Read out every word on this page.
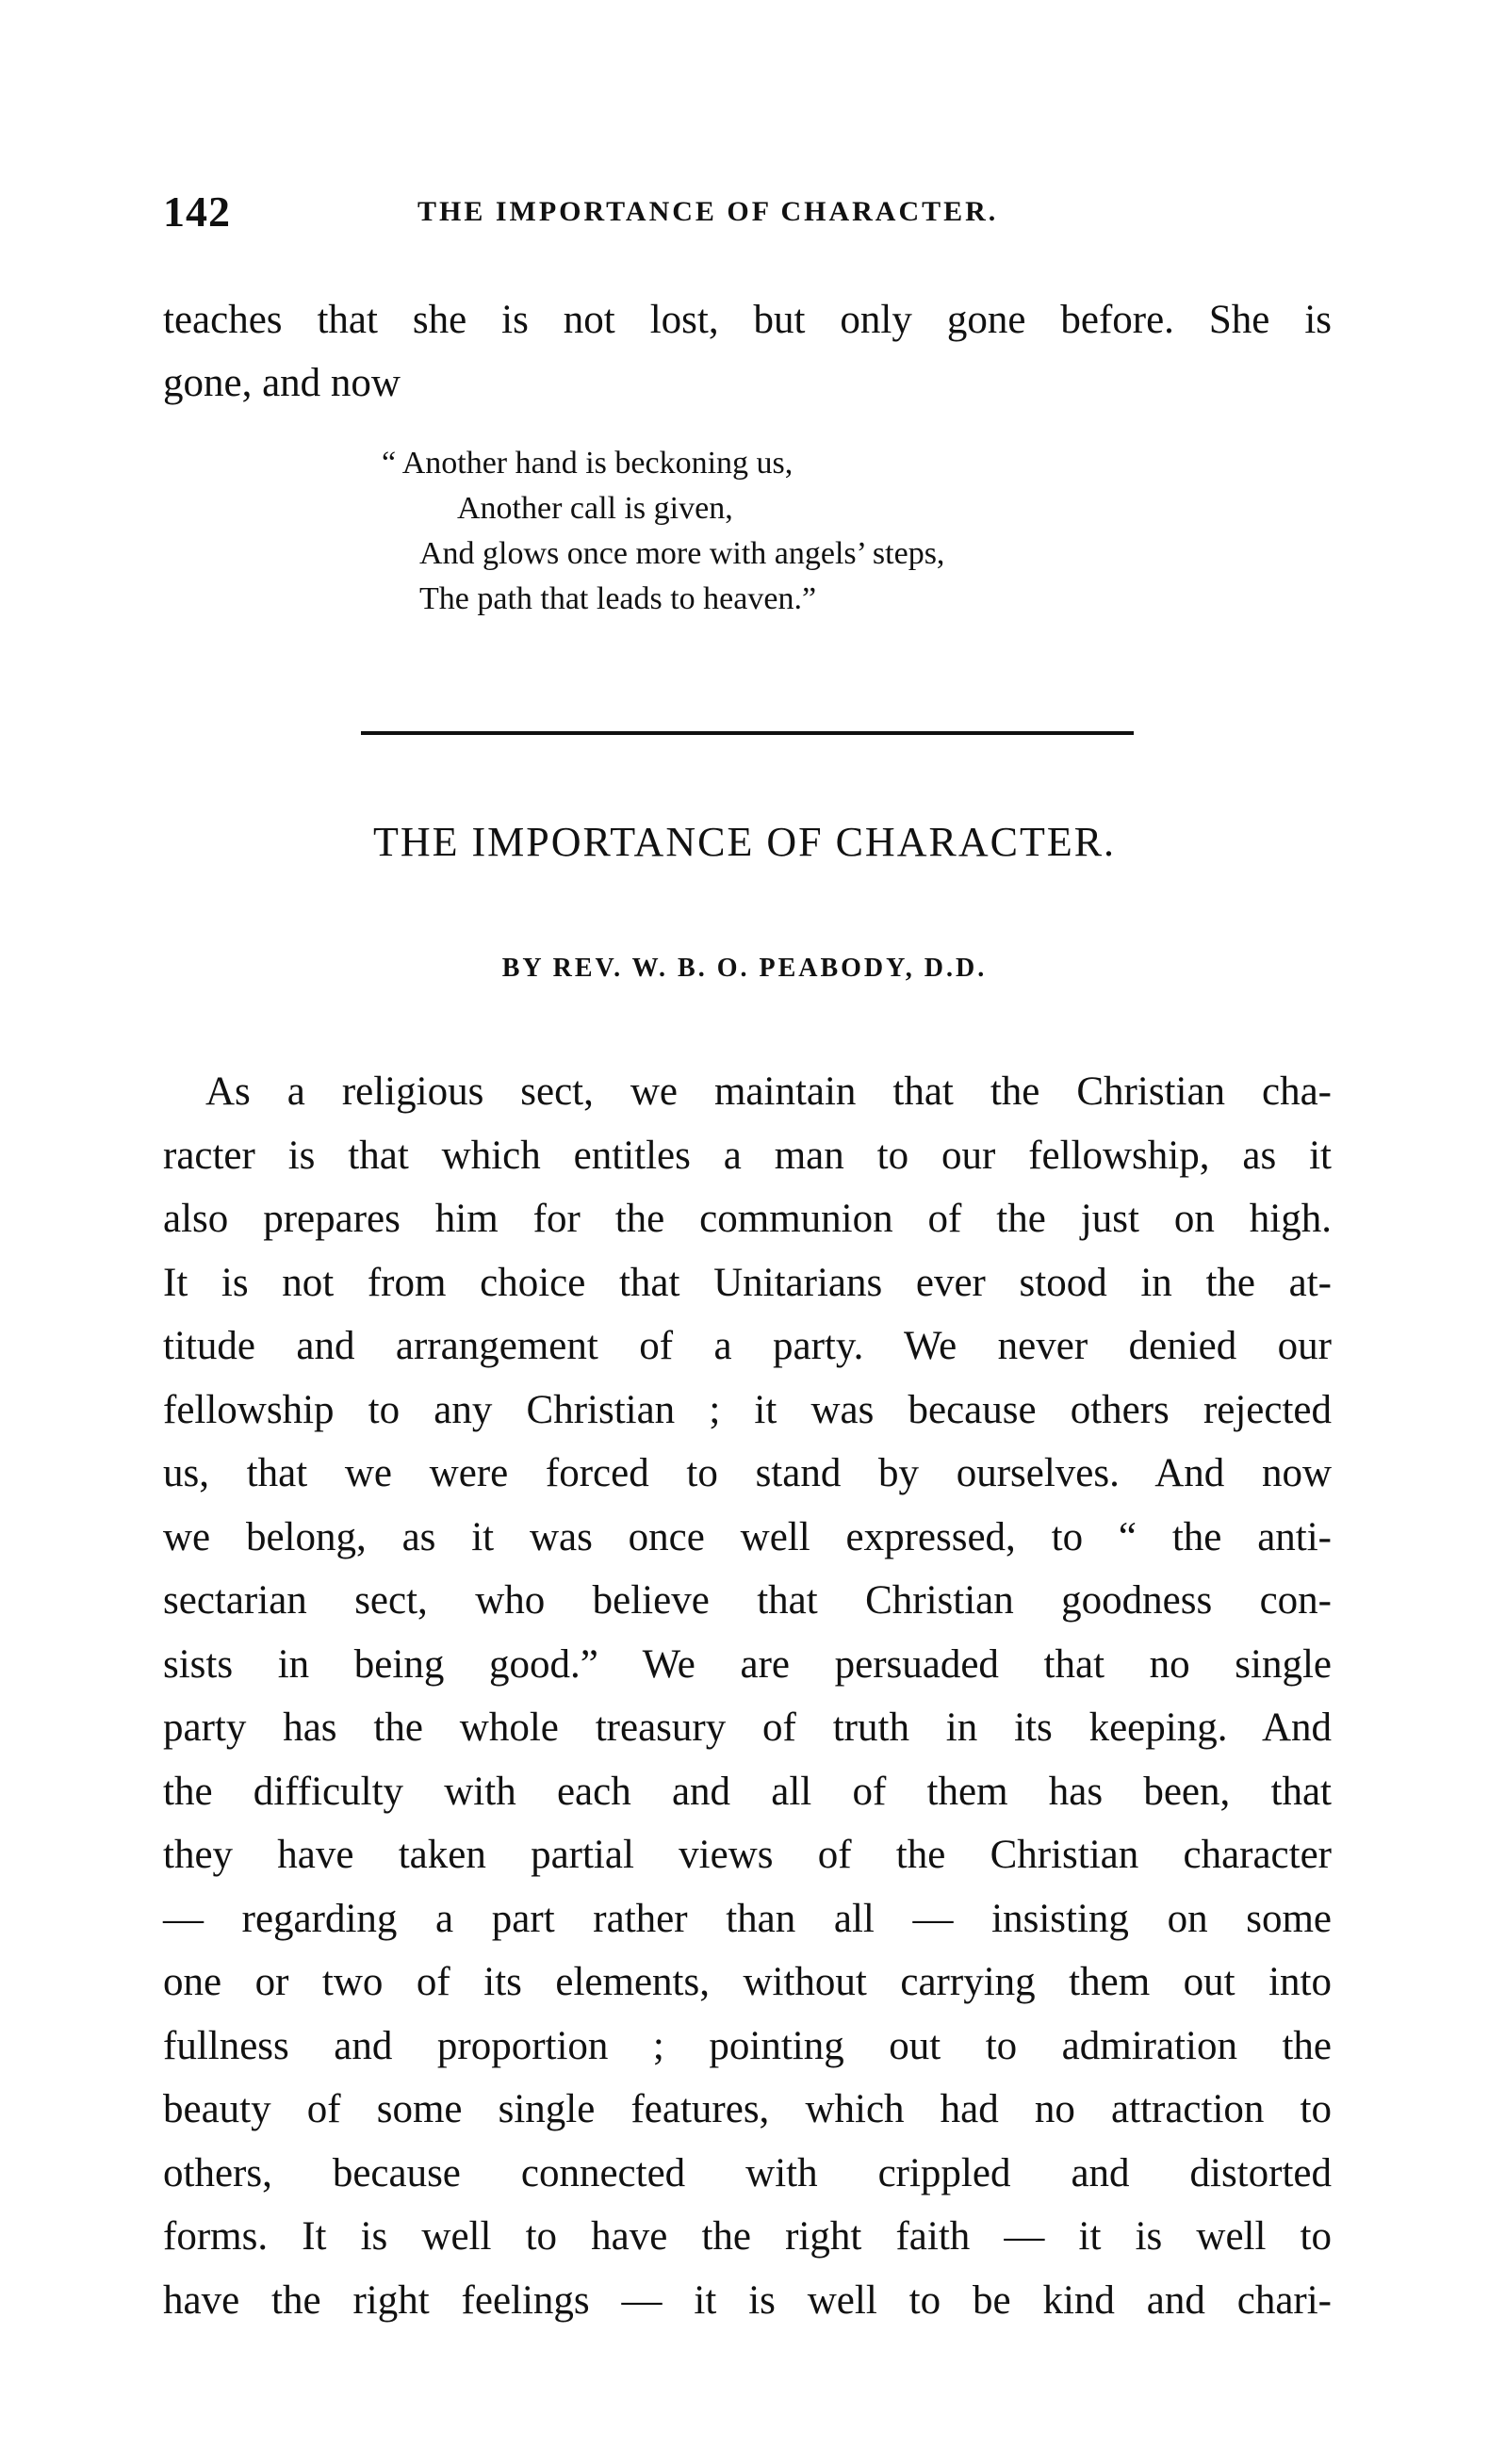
142	THE IMPORTANCE OF CHARACTER.
teaches that she is not lost, but only gone before. She is
gone, and now
“ Another hand is beckoning us,
Another call is given,
And glows once more with angels’ steps,
The path that leads to heaven.”
THE IMPORTANCE OF CHARACTER.
BY REV. W. B. O. PEABODY, D.D.
As a religious sect, we maintain that the Christian cha-
racter is that which entitles a man to our fellowship, as it
also prepares him for the communion of the just on high.
It is not from choice that Unitarians ever stood in the at-
titude and arrangement of a party. We never denied our
fellowship to any Christian ; it was because others rejected
us, that we were forced to stand by ourselves. And now
we belong, as it was once well expressed, to “ the anti-
sectarian sect, who believe that Christian goodness con-
sists in being good.” We are persuaded that no single
party has the whole treasury of truth in its keeping. And
the difficulty with each and all of them has been, that
they have taken partial views of the Christian character
— regarding a part rather than all — insisting on some
one or two of its elements, without carrying them out into
fullness and proportion ; pointing out to admiration the
beauty of some single features, which had no attraction to
others, because connected with crippled and distorted
forms. It is well to have the right faith — it is well to
have the right feelings — it is well to be kind and chari-
